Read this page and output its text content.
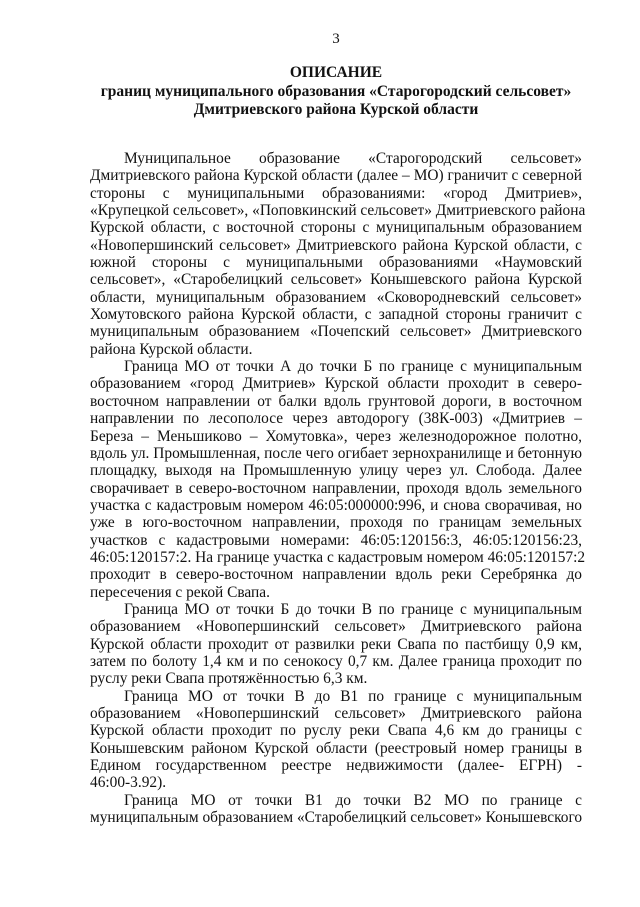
3
ОПИСАНИЕ
границ муниципального образования «Старогородский сельсовет»
Дмитриевского района Курской области
Муниципальное образование «Старогородский сельсовет»
Дмитриевского района Курской области (далее – МО) граничит с северной
стороны с муниципальными образованиями: «город Дмитриев»,
«Крупецкой сельсовет», «Поповкинский сельсовет» Дмитриевского района
Курской области, с восточной стороны с муниципальным образованием
«Новопершинский сельсовет» Дмитриевского района Курской области, с
южной стороны с муниципальными образованиями «Наумовский
сельсовет», «Старобелицкий сельсовет» Конышевского района Курской
области, муниципальным образованием «Сковородневский сельсовет»
Хомутовского района Курской области, с западной стороны граничит с
муниципальным образованием «Почепский сельсовет» Дмитриевского
района Курской области.
Граница МО от точки А до точки Б по границе с муниципальным
образованием «город Дмитриев» Курской области проходит в северо-
восточном направлении от балки вдоль грунтовой дороги, в восточном
направлении по лесополосе через автодорогу (38К-003) «Дмитриев –
Береза – Меньшиково – Хомутовка», через железнодорожное полотно,
вдоль ул. Промышленная, после чего огибает зернохранилище и бетонную
площадку, выходя на Промышленную улицу через ул. Слобода. Далее
сворачивает в северо-восточном направлении, проходя вдоль земельного
участка с кадастровым номером 46:05:000000:996, и снова сворачивая, но
уже в юго-восточном направлении, проходя по границам земельных
участков с кадастровыми номерами: 46:05:120156:3, 46:05:120156:23,
46:05:120157:2. На границе участка с кадастровым номером 46:05:120157:2
проходит в северо-восточном направлении вдоль реки Серебрянка до
пересечения с рекой Свапа.
Граница МО от точки Б до точки В по границе с муниципальным
образованием «Новопершинский сельсовет» Дмитриевского района
Курской области проходит от развилки реки Свапа по пастбищу 0,9 км,
затем по болоту 1,4 км и по сенокосу 0,7 км. Далее граница проходит по
руслу реки Свапа протяжённостью 6,3 км.
Граница МО от точки В до В1 по границе с муниципальным
образованием «Новопершинский сельсовет» Дмитриевского района
Курской области проходит по руслу реки Свапа 4,6 км до границы с
Конышевским районом Курской области (реестровый номер границы в
Едином государственном реестре недвижимости (далее- ЕГРН) -
46:00-3.92).
Граница МО от точки В1 до точки В2 МО по границе с
муниципальным образованием «Старобелицкий сельсовет» Конышевского
